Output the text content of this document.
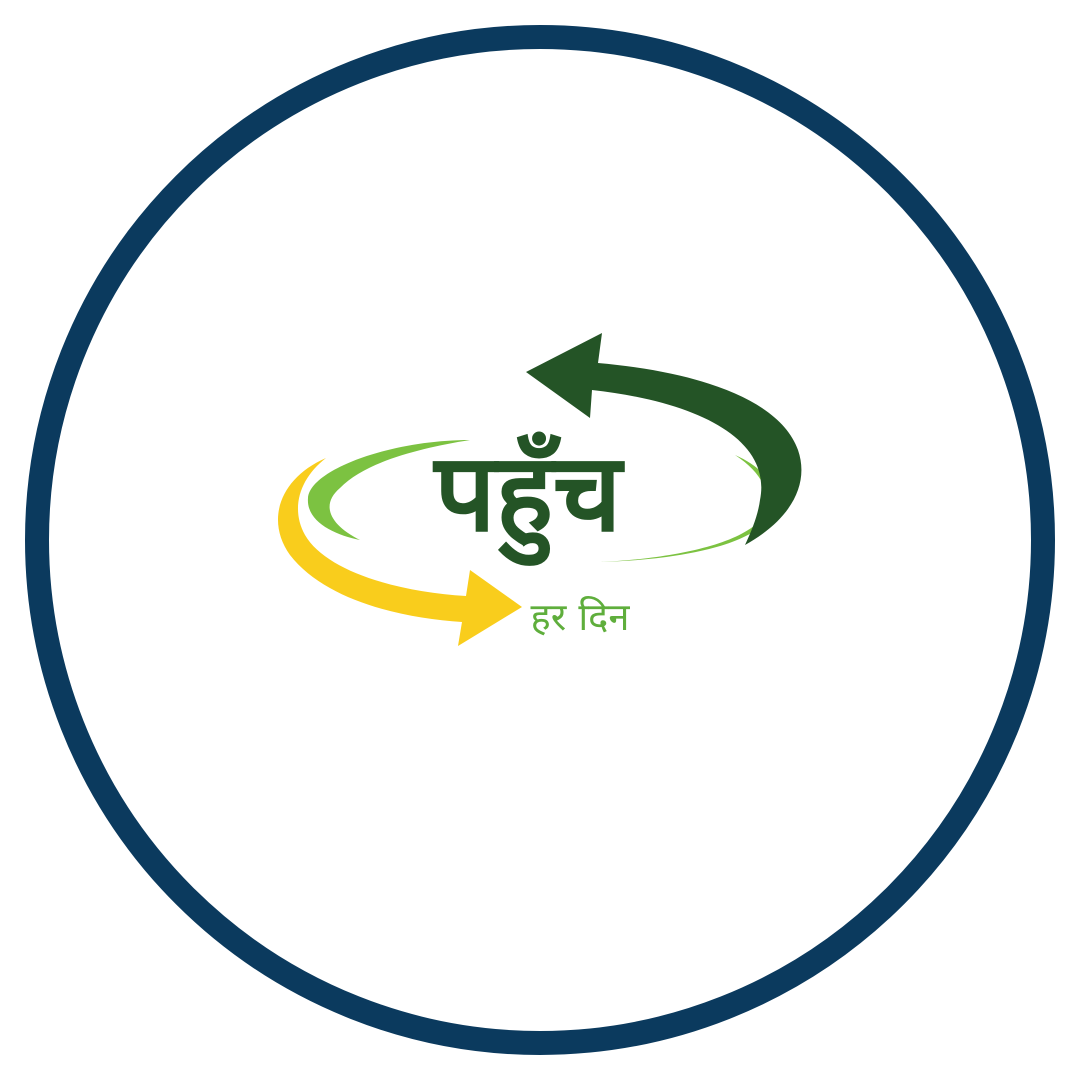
पहुँच
हर दिन
